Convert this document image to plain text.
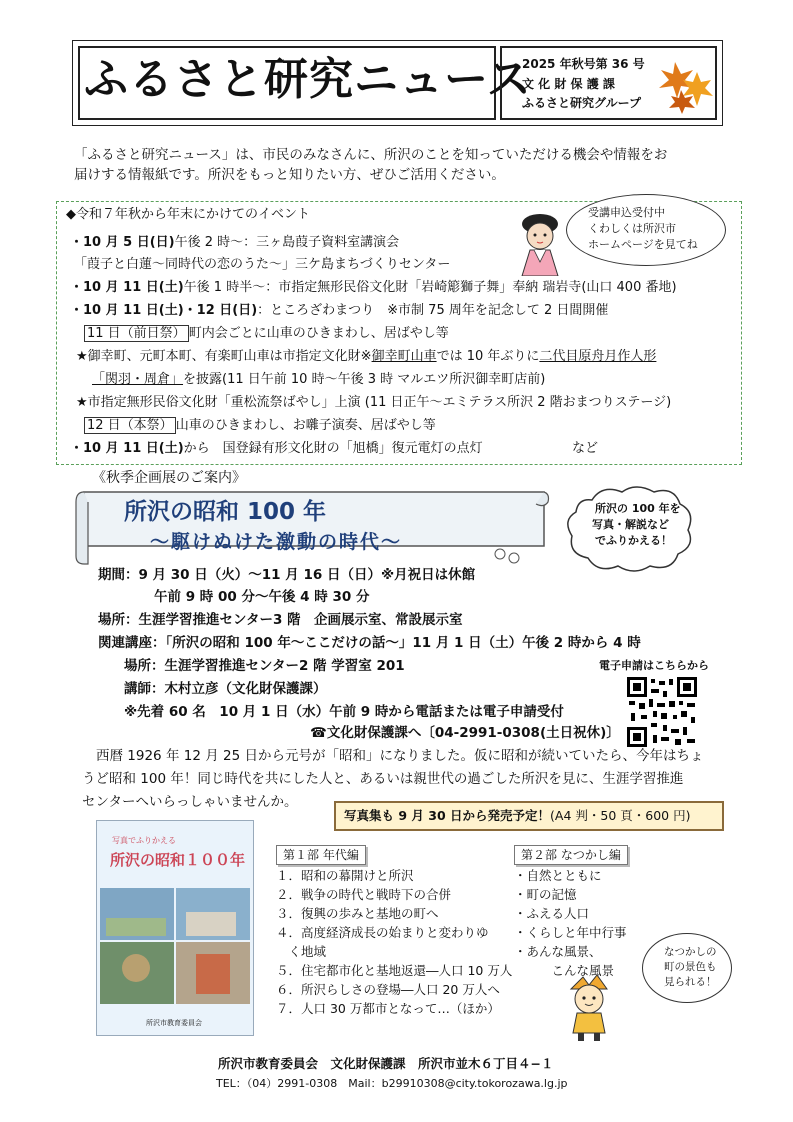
ふるさと研究ニュース
2025 年秋号第 36 号
文 化 財 保 護 課
ふるさと研究グループ
「ふるさと研究ニュース」は、市民のみなさんに、所沢のことを知っていただける機会や情報をお
届けする情報紙です。所沢をもっと知りたい方、ぜひご活用ください。
◆令和７年秋から年末にかけてのイベント	受講申込受付中
くわしくは所沢市
ホームページを見てね
・10 月 5 日(日)午後 2 時～：三ヶ島葭子資料室講演会
「葭子と白蓮～同時代の恋のうた～」三ケ島まちづくりセンター
・10 月 11 日(土)午後 1 時半～：市指定無形民俗文化財「岩崎簓獅子舞」奉納 瑞岩寺(山口 400 番地)
・10 月 11 日(土)・12 日(日)：ところざわまつり　※市制 75 周年を記念して 2 日間開催
11 日（前日祭） 町内会ごとに山車のひきまわし、居ばやし等
★御幸町、元町本町、有楽町山車は市指定文化財※御幸町山車では 10 年ぶりに二代目原舟月作人形
「関羽・周倉」を披露(11 日午前 10 時～午後 3 時 マルエツ所沢御幸町店前)
★市指定無形民俗文化財「重松流祭ばやし」上演 (11 日正午～エミテラス所沢 2 階おまつりステージ)
12 日（本祭） 山車のひきまわし、お囃子演奏、居ばやし等
・10 月 11 日(土)から　国登録有形文化財の「旭橋」復元電灯の点灯	など
《秋季企画展のご案内》
所沢の昭和 100 年
～駆けぬけた激動の時代～
所沢の 100 年を
写真・解説など
でふりかえる！
期間：9 月 30 日（火）～11 月 16 日（日）※月祝日は休館
午前 9 時 00 分～午後 4 時 30 分
場所：生涯学習推進センター3 階　企画展示室、常設展示室
関連講座：「所沢の昭和 100 年～ここだけの話～」11 月 1 日（土）午後 2 時から 4 時
場所：生涯学習推進センター2 階 学習室 201
講師：木村立彦（文化財保護課）
※先着 60 名　10 月 1 日（水）午前 9 時から電話または電子申請受付
☎文化財保護課へ〔04-2991-0308(土日祝休)〕
電子申請はこちらから
西暦 1926 年 12 月 25 日から元号が「昭和」になりました。仮に昭和が続いていたら、今年はちょ
うど昭和 100 年！同じ時代を共にした人と、あるいは親世代の過ごした所沢を見に、生涯学習推進
センターへいらっしゃいませんか。
写真集も 9 月 30 日から発売予定！(A4 判・50 頁・600 円)
写真でふりかえる
所沢の昭和１００年
所沢市教育委員会
第１部 年代編
１．昭和の幕開けと所沢
２．戦争の時代と戦時下の合併
３．復興の歩みと基地の町へ
４．高度経済成長の始まりと変わりゆ
　く地域
５．住宅都市化と基地返還―人口 10 万人
６．所沢らしさの登場―人口 20 万人へ
７．人口 30 万都市となって…（ほか）
第２部 なつかし編
・自然とともに
・町の記憶
・ふえる人口
・くらしと年中行事
・あんな風景、
　　　こんな風景
なつかしの
町の景色も
見られる！
所沢市教育委員会　文化財保護課　所沢市並木６丁目４−１
TEL：（04）2991-0308　Mail：b29910308@city.tokorozawa.lg.jp
